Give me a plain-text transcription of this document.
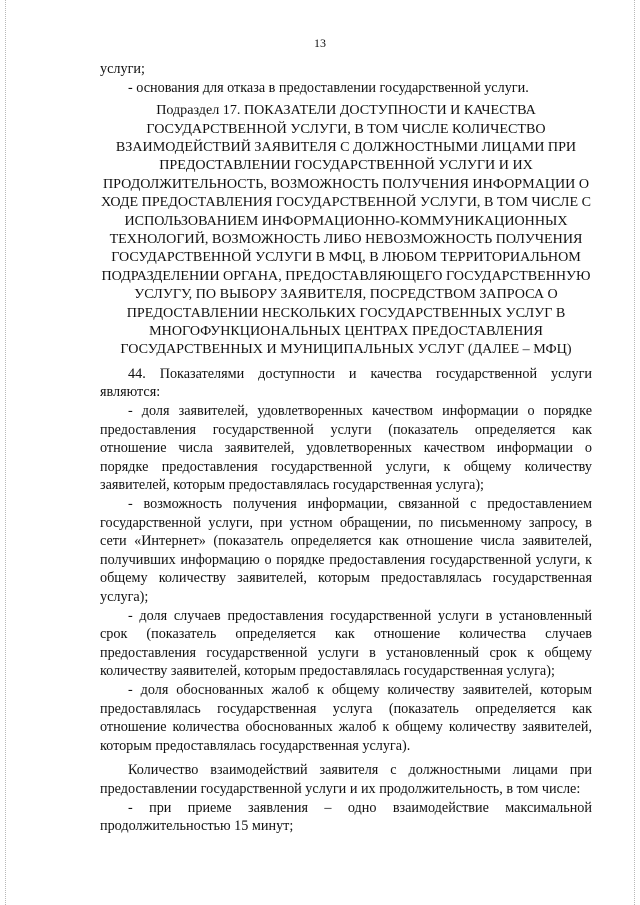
13

услуги;

- основания для отказа в предоставлении государственной услуги.

Подраздел 17. ПОКАЗАТЕЛИ ДОСТУПНОСТИ И КАЧЕСТВА ГОСУДАРСТВЕННОЙ УСЛУГИ, В ТОМ ЧИСЛЕ КОЛИЧЕСТВО ВЗАИМОДЕЙСТВИЙ ЗАЯВИТЕЛЯ С ДОЛЖНОСТНЫМИ ЛИЦАМИ ПРИ ПРЕДОСТАВЛЕНИИ ГОСУДАРСТВЕННОЙ УСЛУГИ И ИХ ПРОДОЛЖИТЕЛЬНОСТЬ, ВОЗМОЖНОСТЬ ПОЛУЧЕНИЯ ИНФОРМАЦИИ О ХОДЕ ПРЕДОСТАВЛЕНИЯ ГОСУДАРСТВЕННОЙ УСЛУГИ, В ТОМ ЧИСЛЕ С ИСПОЛЬЗОВАНИЕМ ИНФОРМАЦИОННО-КОММУНИКАЦИОННЫХ ТЕХНОЛОГИЙ, ВОЗМОЖНОСТЬ ЛИБО НЕВОЗМОЖНОСТЬ ПОЛУЧЕНИЯ ГОСУДАРСТВЕННОЙ УСЛУГИ В МФЦ, В ЛЮБОМ ТЕРРИТОРИАЛЬНОМ ПОДРАЗДЕЛЕНИИ ОРГАНА, ПРЕДОСТАВЛЯЮЩЕГО ГОСУДАРСТВЕННУЮ УСЛУГУ, ПО ВЫБОРУ ЗАЯВИТЕЛЯ, ПОСРЕДСТВОМ ЗАПРОСА О ПРЕДОСТАВЛЕНИИ НЕСКОЛЬКИХ ГОСУДАРСТВЕННЫХ УСЛУГ В МНОГОФУНКЦИОНАЛЬНЫХ ЦЕНТРАХ ПРЕДОСТАВЛЕНИЯ ГОСУДАРСТВЕННЫХ И МУНИЦИПАЛЬНЫХ УСЛУГ (ДАЛЕЕ – МФЦ)

44. Показателями доступности и качества государственной услуги являются:

- доля заявителей, удовлетворенных качеством информации о порядке предоставления государственной услуги (показатель определяется как отношение числа заявителей, удовлетворенных качеством информации о порядке предоставления государственной услуги, к общему количеству заявителей, которым предоставлялась государственная услуга);

- возможность получения информации, связанной с предоставлением государственной услуги, при устном обращении, по письменному запросу, в сети «Интернет» (показатель определяется как отношение числа заявителей, получивших информацию о порядке предоставления государственной услуги, к общему количеству заявителей, которым предоставлялась государственная услуга);

- доля случаев предоставления государственной услуги в установленный срок (показатель определяется как отношение количества случаев предоставления государственной услуги в установленный срок к общему количеству заявителей, которым предоставлялась государственная услуга);

- доля обоснованных жалоб к общему количеству заявителей, которым предоставлялась государственная услуга (показатель определяется как отношение количества обоснованных жалоб к общему количеству заявителей, которым предоставлялась государственная услуга).

Количество взаимодействий заявителя с должностными лицами при предоставлении государственной услуги и их продолжительность, в том числе:

- при приеме заявления – одно взаимодействие максимальной продолжительностью 15 минут;
